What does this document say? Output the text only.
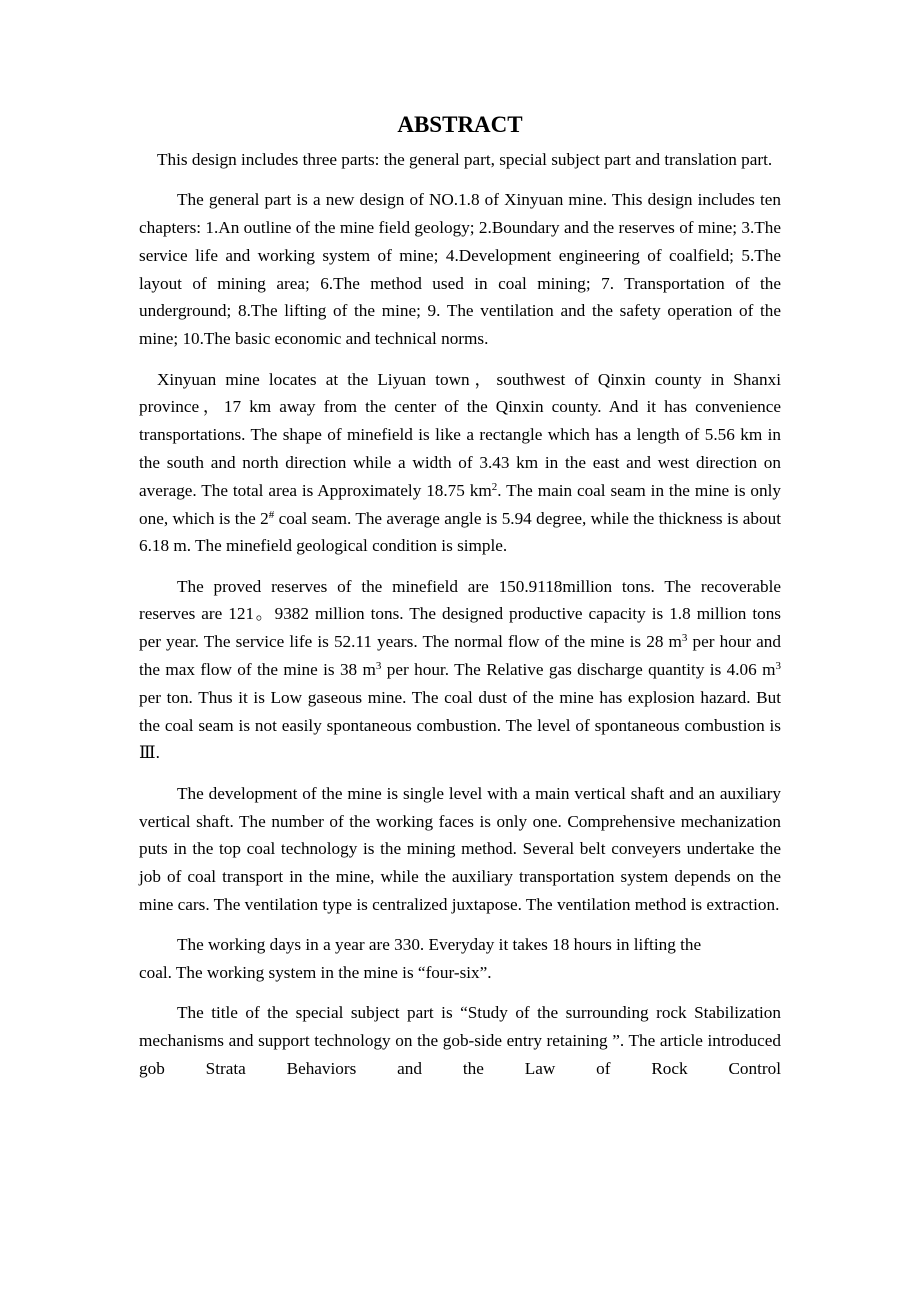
ABSTRACT

This design includes three parts: the general part, special subject part and translation part.

The general part is a new design of NO.1.8 of Xinyuan mine. This design includes ten chapters: 1.An outline of the mine field geology; 2.Boundary and the reserves of mine; 3.The service life and working system of mine; 4.Development engineering of coalfield; 5.The layout of mining area; 6.The method used in coal mining; 7. Transportation of the underground; 8.The lifting of the mine; 9. The ventilation and the safety operation of the mine; 10.The basic economic and technical norms.

Xinyuan mine locates at the Liyuan town，southwest of Qinxin county in Shanxi province，17 km away from the center of the Qinxin county. And it has convenience transportations. The shape of minefield is like a rectangle which has a length of 5.56 km in the south and north direction while a width of 3.43 km in the east and west direction on average. The total area is Approximately 18.75 $km^2$. The main coal seam in the mine is only one, which is the 2# coal seam. The average angle is 5.94 degree, while the thickness is about 6.18 m. The minefield geological condition is simple.

The proved reserves of the minefield are 150.9118million tons. The recoverable reserves are 121。9382 million tons. The designed productive capacity is 1.8 million tons per year. The service life is 52.11 years. The normal flow of the mine is 28 $m^3$ per hour and the max flow of the mine is 38 $m^3$ per hour. The Relative gas discharge quantity is 4.06 $m^3$ per ton. Thus it is Low gaseous mine. The coal dust of the mine has explosion hazard. But the coal seam is not easily spontaneous combustion. The level of spontaneous combustion is Ⅲ.

The development of the mine is single level with a main vertical shaft and an auxiliary vertical shaft. The number of the working faces is only one. Comprehensive mechanization puts in the top coal technology is the mining method. Several belt conveyers undertake the job of coal transport in the mine, while the auxiliary transportation system depends on the mine cars. The ventilation type is centralized juxtapose. The ventilation method is extraction.

The working days in a year are 330. Everyday it takes 18 hours in lifting the
coal. The working system in the mine is “four-six”.

The title of the special subject part is “Study of the surrounding rock Stabilization mechanisms and support technology on the gob-side entry retaining ”. The article introduced gob Strata Behaviors and the Law of Rock Control
